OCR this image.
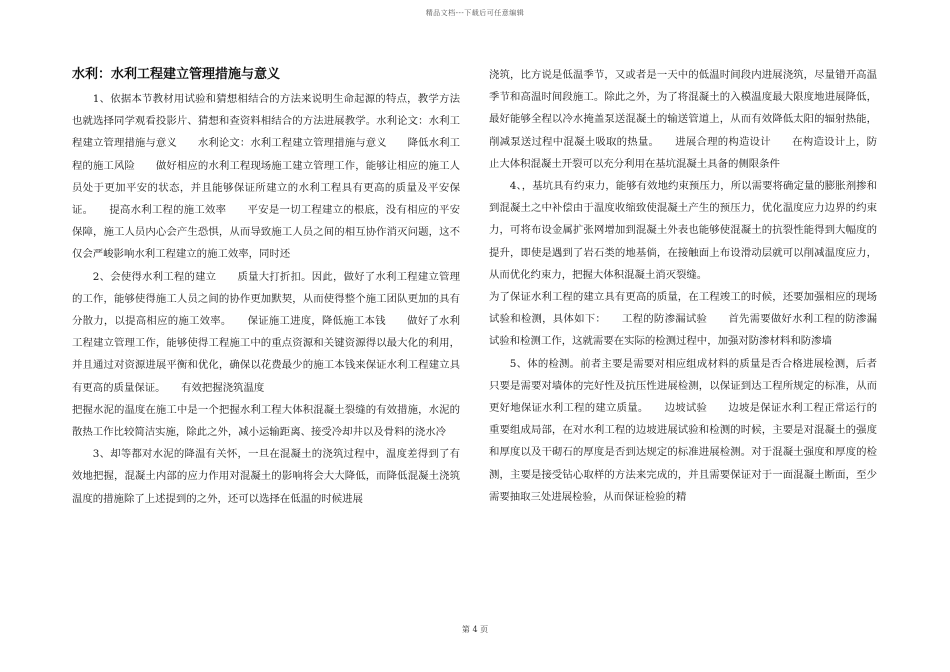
精品文档---下载后可任意编辑
水利：水利工程建立管理措施与意义

1、依据本节教材用试验和猜想相结合的方法来说明生命起源的特点，教学方法也就选择同学观看投影片、猜想和查资料相结合的方法进展教学。水利论文：水利工程建立管理措施与意义　　水利论文：水利工程建立管理措施与意义　　降低水利工程的施工风险　　做好相应的水利工程现场施工建立管理工作，能够让相应的施工人员处于更加平安的状态，并且能够保证所建立的水利工程具有更高的质量及平安保证。　　提高水利工程的施工效率　　平安是一切工程建立的根底，没有相应的平安保障，施工人员内心会产生恐惧，从而导致施工人员之间的相互协作消灭问题，这不仅会严峻影响水利工程建立的施工效率，同时还

2、会使得水利工程的建立　　质量大打折扣。因此，做好了水利工程建立管理的工作，能够使得施工人员之间的协作更加默契，从而使得整个施工团队更加的具有分散力，以提高相应的施工效率。　　保证施工进度，降低施工本钱　　做好了水利工程建立管理工作，能够使得工程施工中的重点资源和关键资源得以最大化的利用，并且通过对资源进展平衡和优化，确保以花费最少的施工本钱来保证水利工程建立具有更高的质量保证。　　有效把握浇筑温度

把握水泥的温度在施工中是一个把握水利工程大体积混凝土裂缝的有效措施，水泥的散热工作比较简洁实施，除此之外，减小运输距离、接受冷却井以及骨料的浇水冷

3、却等都对水泥的降温有关怀，一旦在混凝土的浇筑过程中，温度差得到了有效地把握，混凝土内部的应力作用对混凝土的影响将会大大降低，而降低混凝土浇筑温度的措施除了上述提到的之外，还可以选择在低温的时候进展

浇筑，比方说是低温季节，又或者是一天中的低温时间段内进展浇筑，尽量错开高温季节和高温时间段施工。除此之外，为了将混凝土的入模温度最大限度地进展降低，最好能够全程以冷水掩盖泵送混凝土的输送管道上，从而有效降低太阳的辐射热能，削减泵送过程中混凝土吸取的热量。　　进展合理的构造设计　　在构造设计上，防止大体积混凝土开裂可以充分利用在基坑混凝土具备的侧限条件

4、，基坑具有约束力，能够有效地约束预压力，所以需要将确定量的膨胀剂掺和到混凝土之中补偿由于温度收缩致使混凝土产生的预压力，优化温度应力边界的约束力，可将布设金属扩张网增加到混凝土外表也能够使混凝土的抗裂性能得到大幅度的提升，即使是遇到了岩石类的地基倘，在接触面上布设滑动层就可以削减温度应力，从而优化约束力，把握大体积混凝土消灭裂缝。

为了保证水利工程的建立具有更高的质量，在工程竣工的时候，还要加强相应的现场试验和检测，具体如下：　　工程的防渗漏试验　　首先需要做好水利工程的防渗漏试验和检测工作，这就需要在实际的检测过程中，加强对防渗材料和防渗墙

5、体的检测。前者主要是需要对相应组成材料的质量是否合格进展检测，后者只要是需要对墙体的完好性及抗压性进展检测，以保证到达工程所规定的标准，从而更好地保证水利工程的建立质量。　　边坡试验　　边坡是保证水利工程正常运行的重要组成局部，在对水利工程的边坡进展试验和检测的时候，主要是对混凝土的强度和厚度以及干砌石的厚度是否到达规定的标准进展检测。对于混凝土强度和厚度的检测，主要是接受钻心取样的方法来完成的，并且需要保证对于一面混凝土断面，至少需要抽取三处进展检验，从而保证检验的精

第 4 页
